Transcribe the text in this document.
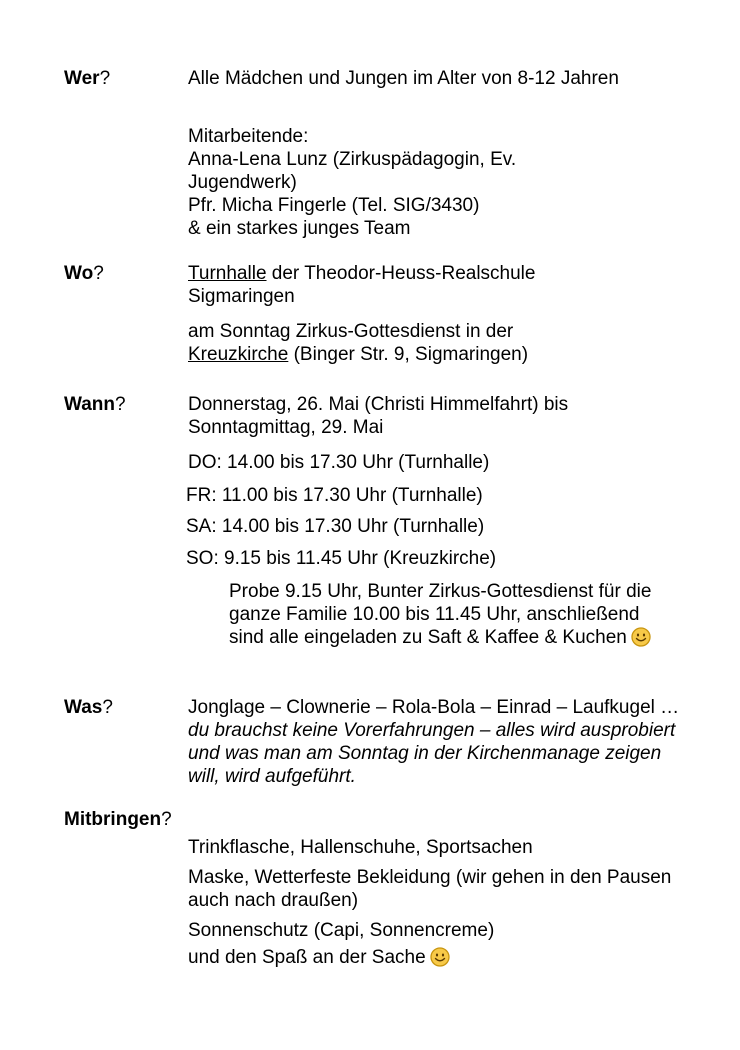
Wer?	Alle Mädchen und Jungen im Alter von 8-12 Jahren

Mitarbeitende:

Anna-Lena Lunz (Zirkuspädagogin, Ev. Jugendwerk)

Pfr. Micha Fingerle (Tel. SIG/3430)

& ein starkes junges Team

Wo?	Turnhalle der Theodor-Heuss-Realschule Sigmaringen

am Sonntag Zirkus-Gottesdienst in der Kreuzkirche (Binger Str. 9, Sigmaringen)

Wann?	Donnerstag, 26. Mai (Christi Himmelfahrt) bis Sonntagmittag, 29. Mai

DO: 14.00 bis 17.30 Uhr (Turnhalle)
FR: 11.00 bis 17.30 Uhr (Turnhalle)
SA: 14.00 bis 17.30 Uhr (Turnhalle)
SO: 9.15 bis 11.45 Uhr (Kreuzkirche)

Probe 9.15 Uhr, Bunter Zirkus-Gottesdienst für die ganze Familie 10.00 bis 11.45 Uhr, anschließend sind alle eingeladen zu Saft & Kaffee & Kuchen

Was?	Jonglage – Clownerie – Rola-Bola – Einrad – Laufkugel … du brauchst keine Vorerfahrungen – alles wird ausprobiert und was man am Sonntag in der Kirchenmanage zeigen will, wird aufgeführt.

Mitbringen?

Trinkflasche, Hallenschuhe, Sportsachen

Maske, Wetterfeste Bekleidung (wir gehen in den Pausen auch nach draußen)

Sonnenschutz (Capi, Sonnencreme)

und den Spaß an der Sache
